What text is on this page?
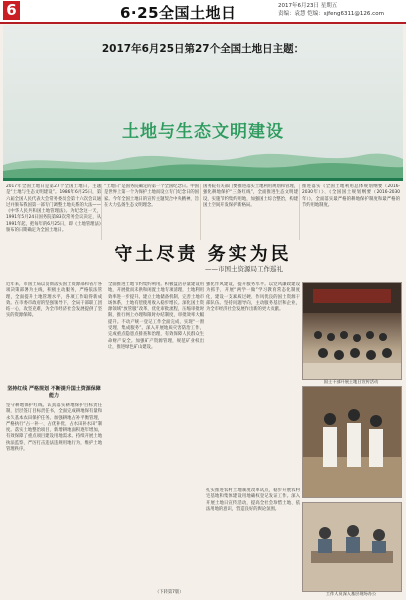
6	6·25全国土地日	2017年6月23日 星期五
责编：袁慧 恺编：sjfeng6311@126.com
2017年6月25日第27个全国土地日主题：
土地与生态文明建设
2017年全国土地日是第27个全国土地日，主题是“土地与生态文明建设”。1986年6月25日，第六届全国人民代表大会常务委员会第十六次会议通过并颁布我国第一部专门调整土地关系的大法——《中华人民共和国土地管理法》。为纪念这一天，1991年5月24日国务院第83次常务会议决定，从1991年起，把每年的6月25日，即《土地管理法》颁布的日期确定为全国土地日。
“土地日”是国务院确定的第一个全国纪念日。中国是世界上第一个为保护土地而设立专门纪念日的国家。今年全国土地日的宣传主题契合中央精神，旨在大力弘扬生态文明理念。
国务院有关部门要推进落实土地利用规划和管理，强化耕地保护“三条红线”，全面推进生态文明建设，实施节约集约用地，加强国土综合整治，构建国土空间开发保护新格局。
推进落实《全国土地利用总体规划纲要（2016-2030年）》、《全国国土规划纲要（2016-2030年）》，全面落实最严格的耕地保护制度和最严格的节约用地制度。
守土尽责 务实为民
——市国土资源局工作巡礼
近年来，市国土局以贯彻落实国土资源部和省厅各项决策部署为主线，积极主动服务，严格依法管理，全面提升土地管理水平，各项工作取得新成效。在市委市政府的坚强领导下，全局干部职工团结一心，攻坚克难，为全市经济社会发展提供了坚实的资源保障。
坚持红线 严格规划 不断提升国土资源保障能力
坚守耕地保护红线。认真落实耕地保护目标责任制，层层签订目标责任书，全面完成耕地保有量和永久基本农田保护任务。加强耕地占补平衡管理，严格执行“占一补一、占优补优、占水田补水田”制度。落实土地整治项目，新增耕地面积逐年增加，有效保障了重点项目建设用地需求。持续开展土地执法监察，严厉打击违法违规用地行为，维护土地管理秩序。
全面推进土地节约集约利用。积极盘活存量建设用地，开展批而未供和闲置土地专项清理，土地利用效率进一步提升。建立土地储备机制，完善土地市场体系，土地有偿使用收入稳步增长。深化国土资源领域“放管服”改革，优化审批流程，压缩审批时限，推行网上办理和限时办结制度，审批效率大幅提升。不动产统一登记工作全面完成，实现“一窗受理、集成服务”。深入开展地质灾害防治工作，完成重点隐患点排查和治理，有效保障人民群众生命财产安全。加强矿产资源管理，规范矿业权出让，推进绿色矿山建设。
强化作风建设，提升服务水平。以党风廉政建设为抓手，开展“两学一做”学习教育常态化制度化，建设一支素质过硬、作风优良的国土资源干部队伍。坚持问题导向，主动服务基层和企业，为全市经济社会发展作出新的更大贡献。
扎实推进农村土地制度改革试点，稳步开展农村宅基地和集体建设用地确权登记发证工作。深入开展土地日宣传活动，提高全社会珍惜土地、依法用地的意识，营造良好的舆论氛围。
（下转第7版）
国土干部开展土地日宣传活动
工作人员深入基层现场办公
